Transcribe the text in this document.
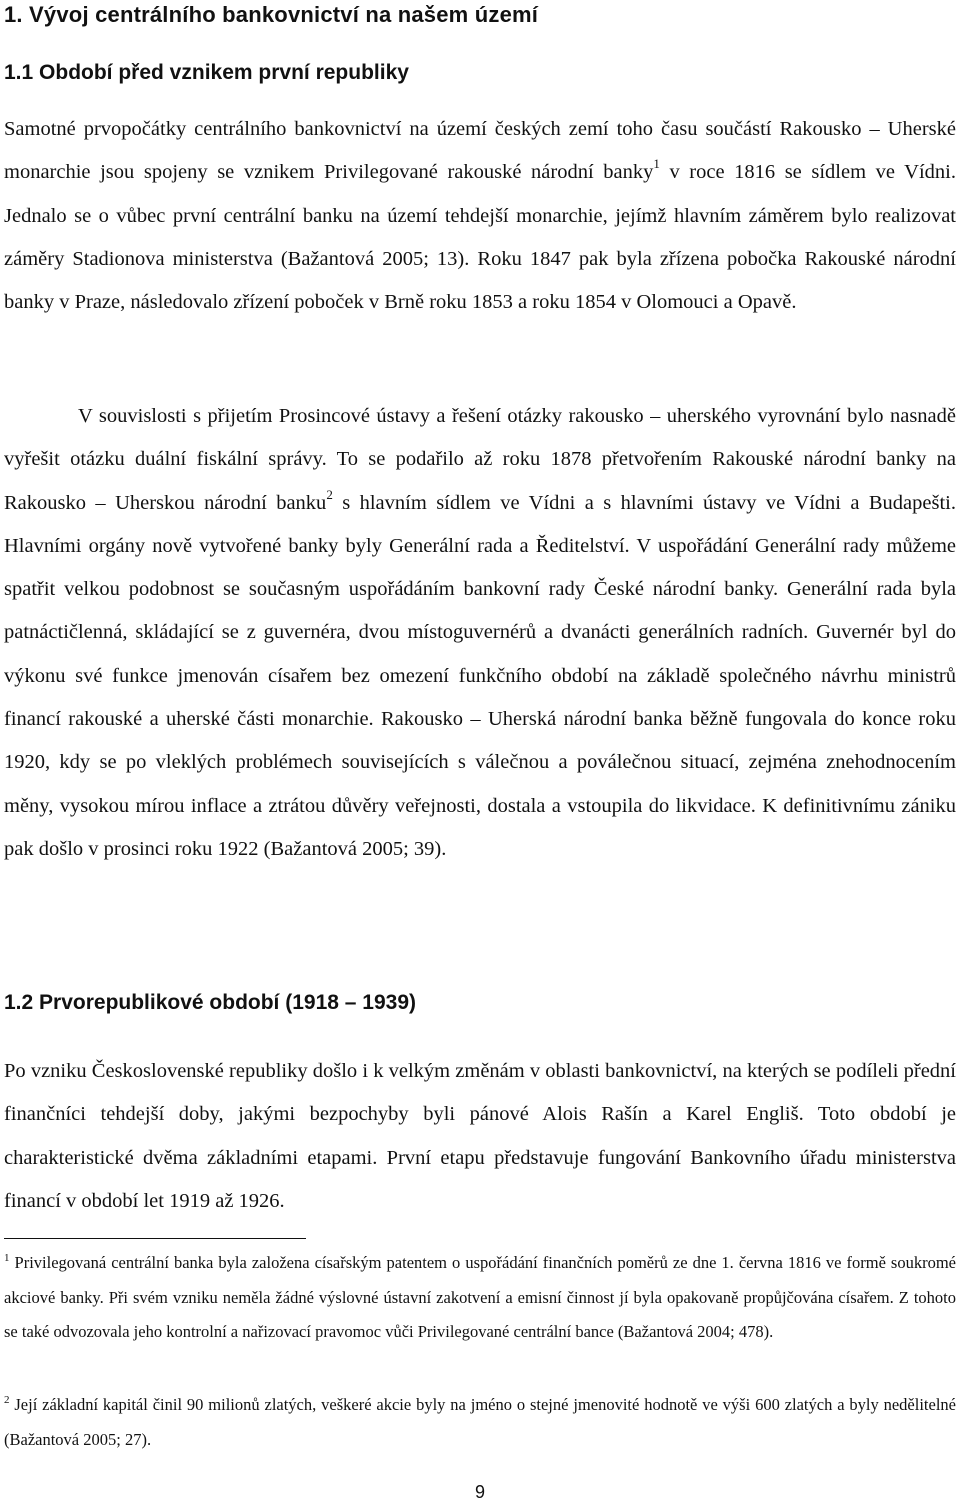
1. Vývoj centrálního bankovnictví na našem území
1.1 Období před vznikem první republiky

Samotné prvopočátky centrálního bankovnictví na území českých zemí toho času součástí Rakousko – Uherské monarchie jsou spojeny se vznikem Privilegované rakouské národní banky$^1$ v roce 1816 se sídlem ve Vídni. Jednalo se o vůbec první centrální banku na území tehdejší monarchie, jejímž hlavním záměrem bylo realizovat záměry Stadionova ministerstva (Bažantová 2005; 13). Roku 1847 pak byla zřízena pobočka Rakouské národní banky v Praze, následovalo zřízení poboček v Brně roku 1853 a roku 1854 v Olomouci a Opavě.

V souvislosti s přijetím Prosincové ústavy a řešení otázky rakousko – uherského vyrovnání bylo nasnadě vyřešit otázku duální fiskální správy. To se podařilo až roku 1878 přetvořením Rakouské národní banky na Rakousko – Uherskou národní banku$^2$ s hlavním sídlem ve Vídni a s hlavními ústavy ve Vídni a Budapešti. Hlavními orgány nově vytvořené banky byly Generální rada a Ředitelství. V uspořádání Generální rady můžeme spatřit velkou podobnost se současným uspořádáním bankovní rady České národní banky. Generální rada byla patnáctičlenná, skládající se z guvernéra, dvou místoguvernérů a dvanácti generálních radních. Guvernér byl do výkonu své funkce jmenován císařem bez omezení funkčního období na základě společného návrhu ministrů financí rakouské a uherské části monarchie. Rakousko – Uherská národní banka běžně fungovala do konce roku 1920, kdy se po vleklých problémech souvisejících s válečnou a poválečnou situací, zejména znehodnocením měny, vysokou mírou inflace a ztrátou důvěry veřejnosti, dostala a vstoupila do likvidace. K definitivnímu zániku pak došlo v prosinci roku 1922 (Bažantová 2005; 39).

1.2 Prvorepublikové období (1918 – 1939)

Po vzniku Československé republiky došlo i k velkým změnám v oblasti bankovnictví, na kterých se podíleli přední finančníci tehdejší doby, jakými bezpochyby byli pánové Alois Rašín a Karel Engliš. Toto období je charakteristické dvěma základními etapami. První etapu představuje fungování Bankovního úřadu ministerstva financí v období let 1919 až 1926.

$^1$ Privilegovaná centrální banka byla založena císařským patentem o uspořádání finančních poměrů ze dne 1. června 1816 ve formě soukromé akciové banky. Při svém vzniku neměla žádné výslovné ústavní zakotvení a emisní činnost jí byla opakovaně propůjčována císařem. Z tohoto se také odvozovala jeho kontrolní a nařizovací pravomoc vůči Privilegované centrální bance (Bažantová 2004; 478).

$^2$ Její základní kapitál činil 90 milionů zlatých, veškeré akcie byly na jméno o stejné jmenovité hodnotě ve výši 600 zlatých a byly nedělitelné (Bažantová 2005; 27).

9
